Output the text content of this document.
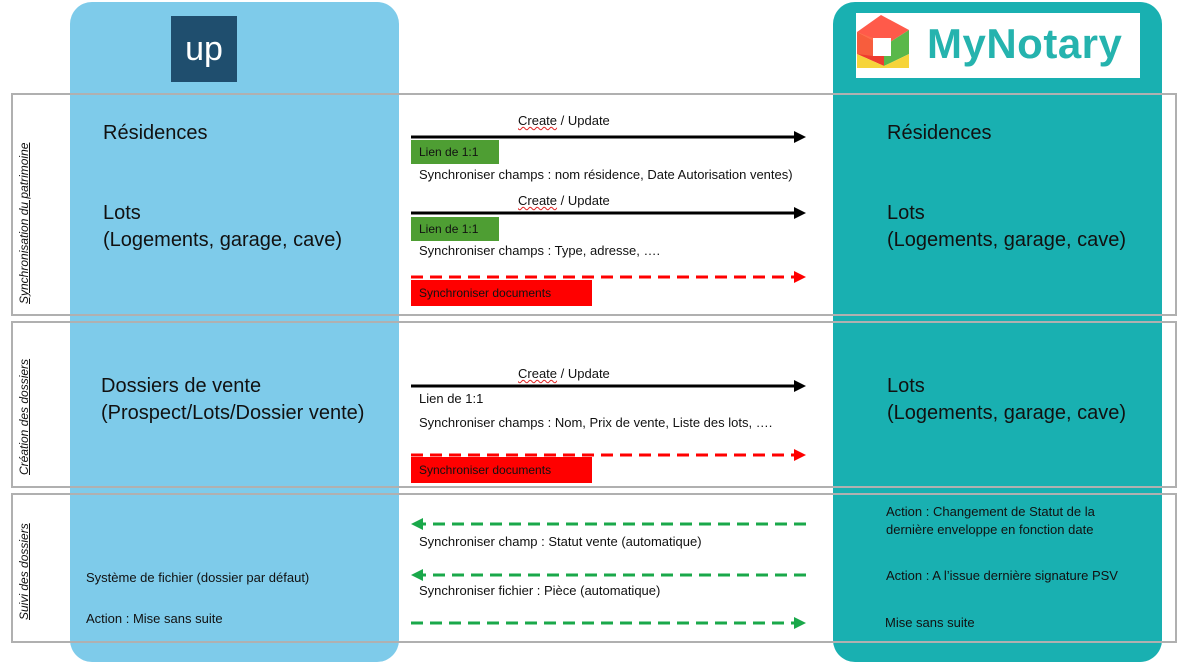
up	MyNotary
Synchronisation du patrimoine
Création des dossiers
Suivi des dossiers
Résidences
Lots
(Logements, garage, cave)
Résidences
Lots
(Logements, garage, cave)
Create / Update
Lien de 1:1
Synchroniser champs : nom résidence, Date Autorisation ventes)
Create / Update
Lien de 1:1
Synchroniser champs : Type, adresse, ….
Synchroniser documents
Dossiers de vente
(Prospect/Lots/Dossier vente)
Lots
(Logements, garage, cave)
Create / Update
Lien de 1:1
Synchroniser champs : Nom, Prix de vente, Liste des lots, ….
Synchroniser documents
Système de fichier (dossier par défaut)
Action : Mise sans suite
Action : Changement de Statut de la
dernière enveloppe en fonction date
Action : A l’issue dernière signature PSV
Mise sans suite
Synchroniser champ : Statut vente (automatique)
Synchroniser fichier : Pièce (automatique)
